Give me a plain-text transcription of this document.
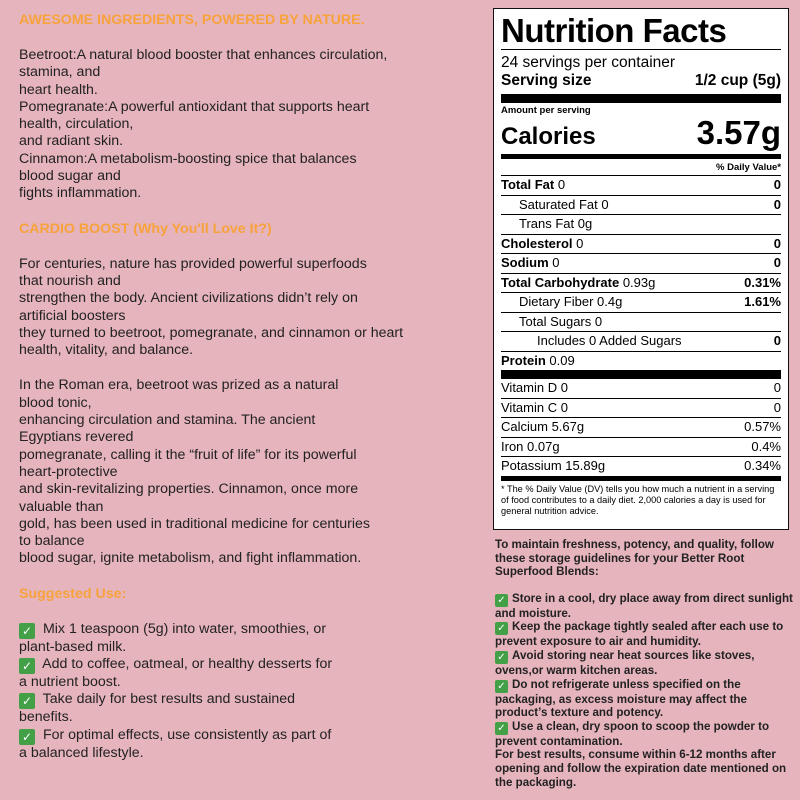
AWESOME INGREDIENTS, POWERED BY NATURE.
Beetroot:A natural blood booster that enhances circulation,
stamina, and
heart health.
Pomegranate:A powerful antioxidant that supports heart
health, circulation,
and radiant skin.
Cinnamon:A metabolism-boosting spice that balances
blood sugar and
fights inflammation.
CARDIO BOOST (Why You'll Love It?)
For centuries, nature has provided powerful superfoods
that nourish and
strengthen the body. Ancient civilizations didn’t rely on
artificial boosters
they turned to beetroot, pomegranate, and cinnamon or heart
health, vitality, and balance.
In the Roman era, beetroot was prized as a natural
blood tonic,
enhancing circulation and stamina. The ancient
Egyptians revered
pomegranate, calling it the “fruit of life” for its powerful
heart-protective
and skin-revitalizing properties. Cinnamon, once more
valuable than
gold, has been used in traditional medicine for centuries
to balance
blood sugar, ignite metabolism, and fight inflammation.
Suggested Use:
✓ Mix 1 teaspoon (5g) into water, smoothies, or
plant-based milk.
✓ Add to coffee, oatmeal, or healthy desserts for
a nutrient boost.
✓ Take daily for best results and sustained
benefits.
✓ For optimal effects, use consistently as part of
a balanced lifestyle.
Nutrition Facts
24 servings per container
Serving size	1/2 cup (5g)
Amount per serving
Calories	3.57g
% Daily Value*
Total Fat 0	0
Saturated Fat 0	0
Trans Fat 0g
Cholesterol 0	0
Sodium 0	0
Total Carbohydrate 0.93g	0.31%
Dietary Fiber 0.4g	1.61%
Total Sugars 0
Includes 0 Added Sugars	0
Protein 0.09
Vitamin D 0	0
Vitamin C 0	0
Calcium 5.67g	0.57%
Iron 0.07g	0.4%
Potassium 15.89g	0.34%
* The % Daily Value (DV) tells you how much a nutrient in a serving of food contributes to a daily diet. 2,000 calories a day is used for general nutrition advice.
To maintain freshness, potency, and quality, follow these storage guidelines for your Better Root Superfood Blends:
✓ Store in a cool, dry place away from direct sunlight and moisture.
✓ Keep the package tightly sealed after each use to prevent exposure to air and humidity.
✓ Avoid storing near heat sources like stoves, ovens,or warm kitchen areas.
✓ Do not refrigerate unless specified on the packaging, as excess moisture may affect the product’s texture and potency.
✓ Use a clean, dry spoon to scoop the powder to prevent contamination.
For best results, consume within 6-12 months after opening and follow the expiration date mentioned on the packaging.
